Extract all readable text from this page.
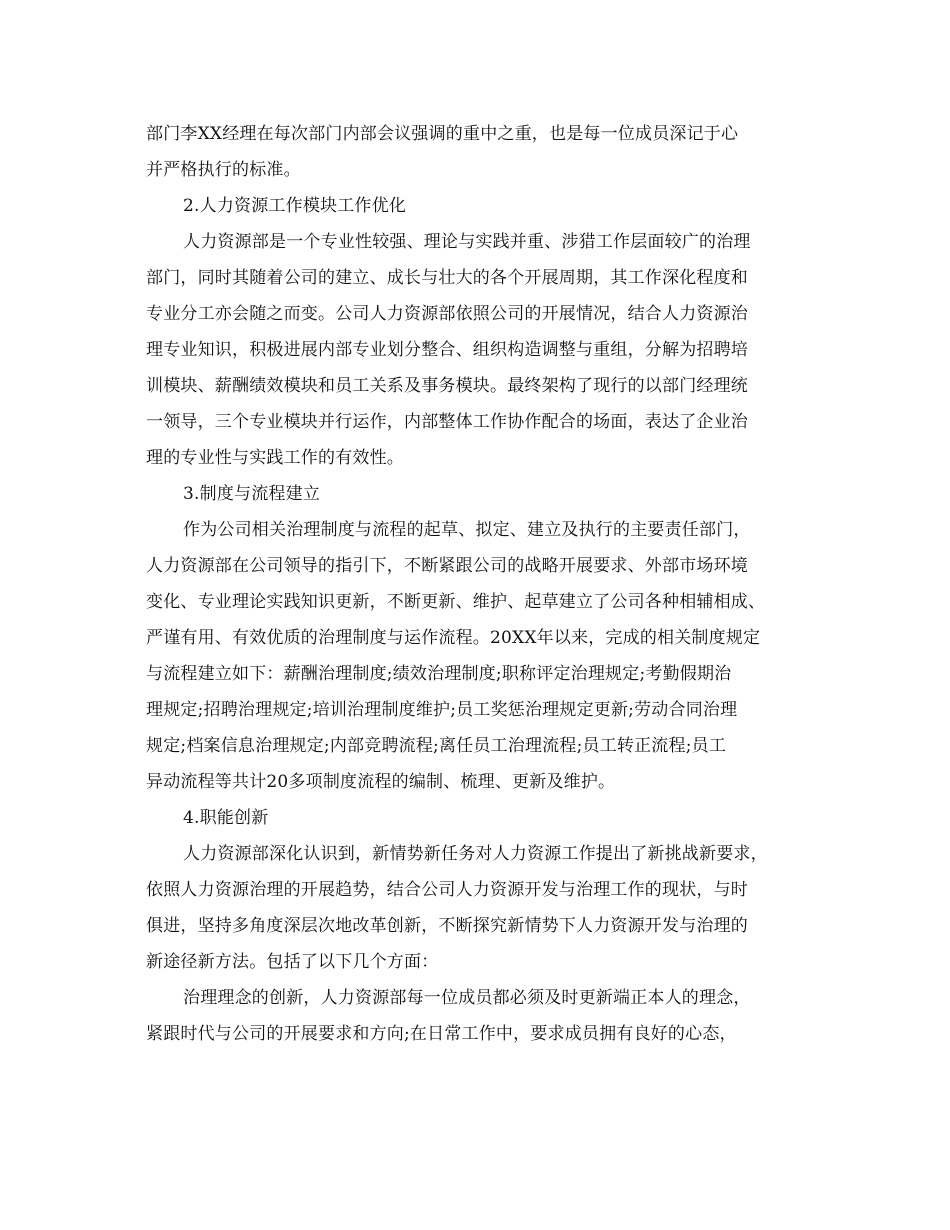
部门李XX经理在每次部门内部会议强调的重中之重，也是每一位成员深记于心
并严格执行的标准。
2.人力资源工作模块工作优化
人力资源部是一个专业性较强、理论与实践并重、涉猎工作层面较广的治理
部门，同时其随着公司的建立、成长与壮大的各个开展周期，其工作深化程度和
专业分工亦会随之而变。公司人力资源部依照公司的开展情况，结合人力资源治
理专业知识，积极进展内部专业划分整合、组织构造调整与重组，分解为招聘培
训模块、薪酬绩效模块和员工关系及事务模块。最终架构了现行的以部门经理统
一领导，三个专业模块并行运作，内部整体工作协作配合的场面，表达了企业治
理的专业性与实践工作的有效性。
3.制度与流程建立
作为公司相关治理制度与流程的起草、拟定、建立及执行的主要责任部门，
人力资源部在公司领导的指引下，不断紧跟公司的战略开展要求、外部市场环境
变化、专业理论实践知识更新，不断更新、维护、起草建立了公司各种相辅相成、
严谨有用、有效优质的治理制度与运作流程。20XX年以来，完成的相关制度规定
与流程建立如下：薪酬治理制度;绩效治理制度;职称评定治理规定;考勤假期治
理规定;招聘治理规定;培训治理制度维护;员工奖惩治理规定更新;劳动合同治理
规定;档案信息治理规定;内部竞聘流程;离任员工治理流程;员工转正流程;员工
异动流程等共计20多项制度流程的编制、梳理、更新及维护。
4.职能创新
人力资源部深化认识到，新情势新任务对人力资源工作提出了新挑战新要求，
依照人力资源治理的开展趋势，结合公司人力资源开发与治理工作的现状，与时
俱进，坚持多角度深层次地改革创新，不断探究新情势下人力资源开发与治理的
新途径新方法。包括了以下几个方面：
治理理念的创新，人力资源部每一位成员都必须及时更新端正本人的理念，
紧跟时代与公司的开展要求和方向;在日常工作中，要求成员拥有良好的心态，
